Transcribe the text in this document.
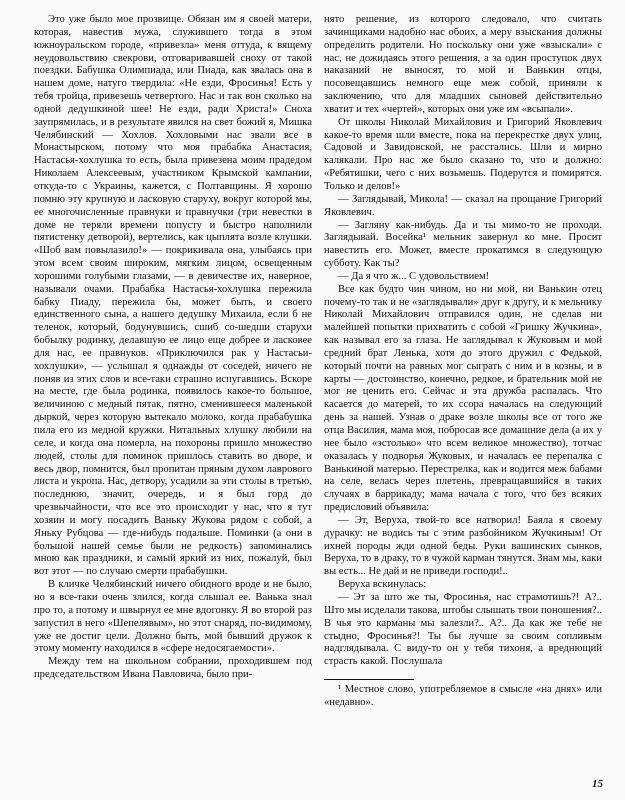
Это уже было мое прозвище. Обязан им я своей матери, которая, навестив мужа, служившего тогда в этом южноуральском городе, «привезла» меня оттуда, к вящему неудовольствию свекрови, отговаривавшей сноху от такой поездки. Бабушка Олимпиада, или Пиада, как звалась она в нашем доме, натуго твердила: «Не езди, Фросинья! Есть у тебя тройца, привезешь четвертого. Нас и так вон сколько на одной дедушкиной шее! Не езди, ради Христа!» Сноха заупрямилась, и в результате явился на свет божий я, Мишка Челябинский — Хохлов. Хохловыми нас звали все в Монастырском, потому что моя прабабка Анастасия, Настасья-хохлушка то есть, была привезена моим прадедом Николаем Алексеевым, участником Крымской кампании, откуда-то с Украины, кажется, с Полтавщины. Я хорошо помню эту крупную и ласковую старуху, вокруг которой мы, ее многочисленные правнуки и правнучки (три невестки в доме не теряли времени попусту и быстро наполнили пятистенку детворой), вертелись, как цыплята возле клушки. «Шоб вам повылазило!» — покрикивала она, улыбаясь при этом всем своим широким, мягким лицом, освещенным хорошими голубыми глазами, — в девичестве их, наверное, называли очами. Прабабка Настасья-хохлушка пережила бабку Пиаду, пережила бы, может быть, и своего единственного сына, а нашего дедушку Михаила, если б не теленок, который, бодунувшись, сшиб со-шедши старухи бобылку родинку, делавшую ее лицо еще добрее и ласковее для нас, ее правнуков. «Приключился рак у Настасьи-хохлушки», — услышал я однажды от соседей, ничего не поняв из этих слов и все-таки страшно испугавшись. Вскоре на месте, где была родинка, появилось какое-то большое, величиною с медный пятак, пятно, сменившееся маленькой дыркой, через которую вытекало молоко, когда прабабушка пила его из медной кружки. Нитальных хлушку любили на селе, и когда она померла, на похороны пришло множество людей, столы для поминок пришлось ставить во дворе, и весь двор, помнится, был пропитан пряным духом лаврового листа и укропа. Нас, детвору, усадили за эти столы в третью, последнюю, значит, очередь, и я был горд до чрезвычайности, что все это происходит у нас, что я тут хозяин и могу посадить Ваньку Жукова рядом с собой, а Яньку Рубцова — где-нибудь подальше. Поминки (а они в большой нашей семье были не редкость) запоминались мною как праздники, и самый яркий из них, пожалуй, был вот этот — по случаю смерти прабабушки.

В кличке Челябинский ничего обидного вроде и не было, но я все-таки очень злился, когда слышал ее. Ванька знал про то, а потому и швырнул ее мне вдогонку. Я во второй раз запустил в него «Шепелявым», но этот снаряд, по-видимому, уже не достиг цели. Должно быть, мой бывший дружок к этому моменту находился в «сфере недосягаемости».

Между тем на школьном собрании, проходившем под председательством Ивана Павловича, было при-

нято решение, из которого следовало, что считать зачинщиками надобно нас обоих, а меру взыскания должны определить родители. Но поскольку они уже «взыскали» с нас, не дожидаясь этого решения, а за один проступок двух наказаний не выносят, то мой и Ванькин отцы, посовещавшись немного еще меж собой, приняли к заключению, что для младших сыновей действительно хватит и тех «чертей», которых они уже им «всыпали».

От школы Николай Михайлович и Григорий Яковлевич какое-то время шли вместе, пока на перекрестке двух улиц, Садовой и Завидовской, не расстались. Шли и мирно калякали. Про нас же было сказано то, что и должно: «Ребятишки, чего с них возьмешь. Подерутся и помирятся. Только и делов!»

— Заглядывай, Микола! — сказал на прощание Григорий Яковлевич.

— Загляну как-нибудь. Да и ты мимо-то не проходи. Заглядывай. Восейка¹ мельник завернул ко мне. Просит навестить его. Может, вместе прокатимся в следующую субботу. Как ты?

— Да я что ж... С удовольствием!

Все как будто чин чином, но ни мой, ни Ванькин отец почему-то так и не «заглядывали» друг к другу, и к мельнику Николай Михайлович отправился один, не сделав ни малейшей попытки прихватить с собой «Гришку Жучкина», как называл его за глаза. Не заглядывал к Жуковым и мой средний брат Ленька, хотя до этого дружил с Федькой, который почти на равных мог сыграть с ним и в козны, и в карты — достоинство, конечно, редкое, и брательник мой не мог не ценить его. Сейчас и эта дружба распалась. Что касается до матерей, то их ссора началась на следующий день за нашей. Узнав о драке возле школы все от того же отца Василия, мама моя, побросав все домашние дела (а их у нее было «эстолько» что всем великое множество), тотчас оказалась у подворья Жуковых, и началась ее перепалка с Ванькиной матерью. Перестрелка, как и водится меж бабами на селе, велась через плетень, превращавшийся в таких случаях в баррикаду; мама начала с того, что без всяких предисловий объявила:

— Эт, Веруха, твой-то все натворил! Баяла я своему дурачку: не водись ты с этим разбойником Жучкиным! От ихней породы жди одной беды. Руки вашинских сынков, Веруха, то в драку, то в чужой карман тянутся. Знам мы, каки вы есть... Не дай и не приведи господи!..

Веруха вскинулась:

— Эт за што же ты, Фросинья, нас страмотишь?! А?.. Што мы исделали такова, штобы слышать твои поношения?.. В чья это карманы мы залезли?.. А?.. Да как же тебе не стыдно, Фросинья?! Ты бы лучше за своим сопливым надглядывала. С виду-то он у тебя тихоня, а вреднющий страсть какой. Послушала

¹ Местное слово, употребляемое в смысле «на днях» или «недавно».

15
